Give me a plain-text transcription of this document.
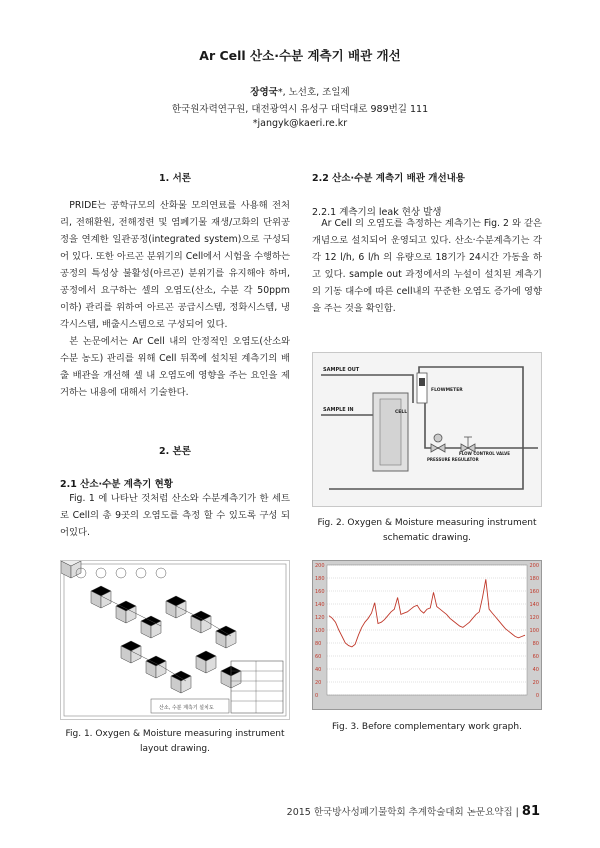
Ar Cell 산소·수분 계측기 배관 개선
장영국*, 노선호, 조일제
한국원자력연구원, 대전광역시 유성구 대덕대로 989번길 111
*jangyk@kaeri.re.kr
1. 서론

PRIDE는 공학규모의 산화물 모의연료를 사용해 전처리, 전해환원, 전해정련 및 염폐기물 재생/고화의 단위공정을 연계한 일관공정(integrated system)으로 구성되어 있다. 또한 아르곤 분위기의 Cell에서 시험을 수행하는 공정의 특성상 불활성(아르곤) 분위기를 유지해야 하며, 공정에서 요구하는 셀의 오염도(산소, 수분 각 50ppm 이하) 관리를 위하여 아르곤 공급시스템, 정화시스템, 냉각시스템, 배출시스템으로 구성되어 있다.

본 논문에서는 Ar Cell 내의 안정적인 오염도(산소와 수분 농도) 관리를 위해 Cell 뒤쪽에 설치된 계측기의 배출 배관을 개선해 셀 내 오염도에 영향을 주는 요인을 제거하는 내용에 대해서 기술한다.

2. 본론
2.1 산소·수분 계측기 현황

Fig. 1 에 나타난 것처럼 산소와 수분계측기가 한 세트로 Cell의 총 9곳의 오염도를 측정 할 수 있도록 구성 되어있다.

산소, 수분 계측기 설치도
Fig. 1. Oxygen & Moisture measuring instrument layout drawing.
2.2 산소·수분 계측기 배관 개선내용
2.2.1 계측기의 leak 현상 발생

Ar Cell 의 오염도를 측정하는 계측기는 Fig. 2 와 같은 개념으로 설치되어 운영되고 있다. 산소·수분계측기는 각각 12 l/h, 6 l/h 의 유량으로 18기가 24시간 가동을 하고 있다. sample out 과정에서의 누설이 설치된 계측기의 기동 대수에 따른 cell내의 꾸준한 오염도 증가에 영향을 주는 것을 확인함.

SAMPLE OUT
SAMPLE IN	CELL
FLOWMETER
PRESSURE REGULATOR
FLOW CONTROL VALVE
Fig. 2. Oxygen & Moisture measuring instrument schematic drawing.
200
180
160
140
120
100
80
60
40
20
0
200
180
160
140
120
100
80
60
40
20
0
Fig. 3. Before complementary work graph.
2015 한국방사성폐기물학회 추계학술대회 논문요약집 | 81
